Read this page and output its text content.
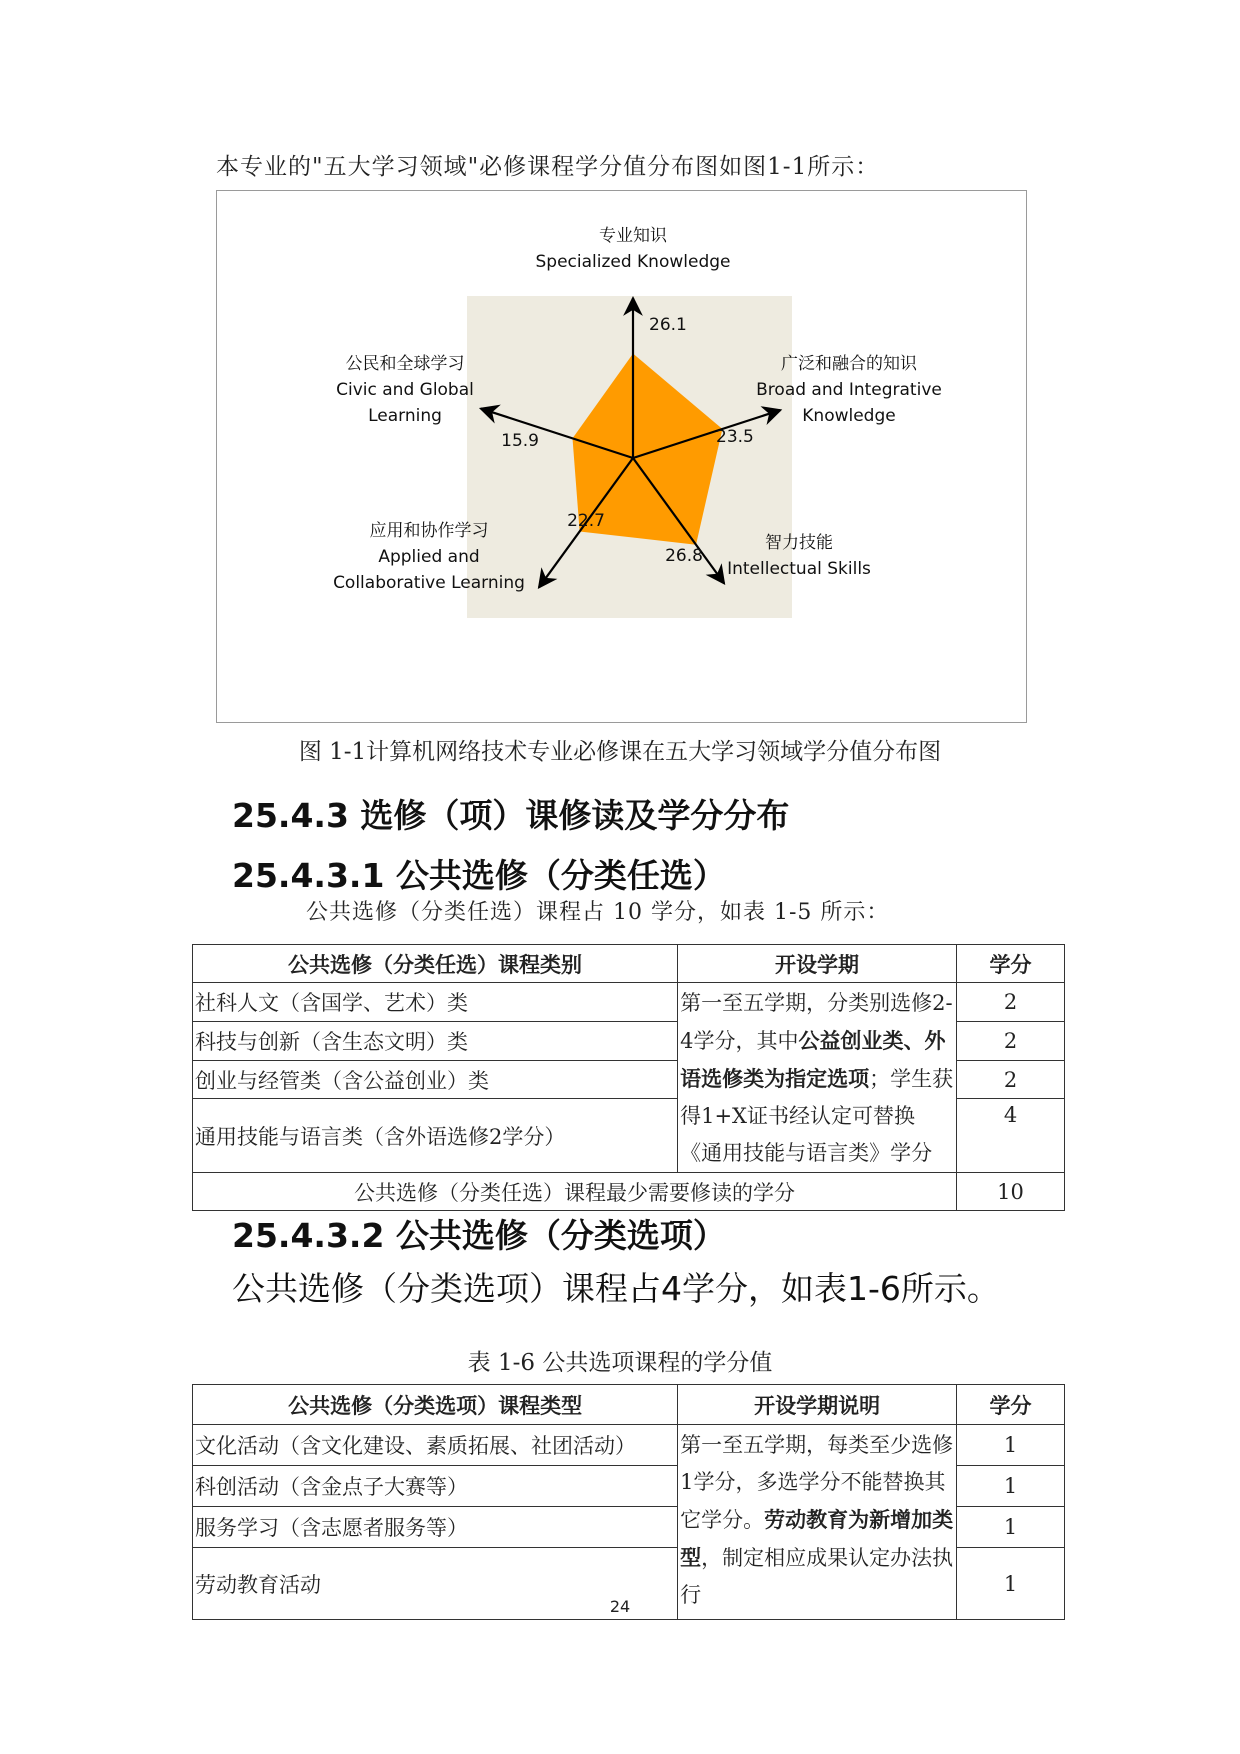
本专业的"五大学习领域"必修课程学分值分布图如图1-1所示：
26.1
专业知识 Specialized Knowledge
23.5
广泛和融合的知识 Broad and Integrative Knowledge
26.8
智力技能 Intellectual Skills
22.7
应用和协作学习 Applied and Collaborative Learning
15.9
公民和全球学习 Civic and Global Learning
图 1-1计算机网络技术专业必修课在五大学习领域学分值分布图
25.4.3 选修（项）课修读及学分分布
25.4.3.1 公共选修（分类任选）
公共选修（分类任选）课程占 10 学分，如表 1-5 所示：
公共选修（分类任选）课程类别	开设学期	学分
社科人文（含国学、艺术）类	第一至五学期，分类别选修2-4学分，其中公益创业类、外语选修类为指定选项；学生获得1+X证书经认定可替换《通用技能与语言类》学分	2
科技与创新（含生态文明）类		2
创业与经管类（含公益创业）类		2
通用技能与语言类（含外语选修2学分）		4
公共选修（分类任选）课程最少需要修读的学分		10
25.4.3.2 公共选修（分类选项）
公共选修（分类选项）课程占4学分，如表1-6所示。
表 1-6 公共选项课程的学分值
公共选修（分类选项）课程类型	开设学期说明	学分
文化活动（含文化建设、素质拓展、社团活动）	第一至五学期，每类至少选修1学分，多选学分不能替换其它学分。劳动教育为新增加类型，制定相应成果认定办法执行	1
科创活动（含金点子大赛等）		1
服务学习（含志愿者服务等）		1
劳动教育活动		1
24
